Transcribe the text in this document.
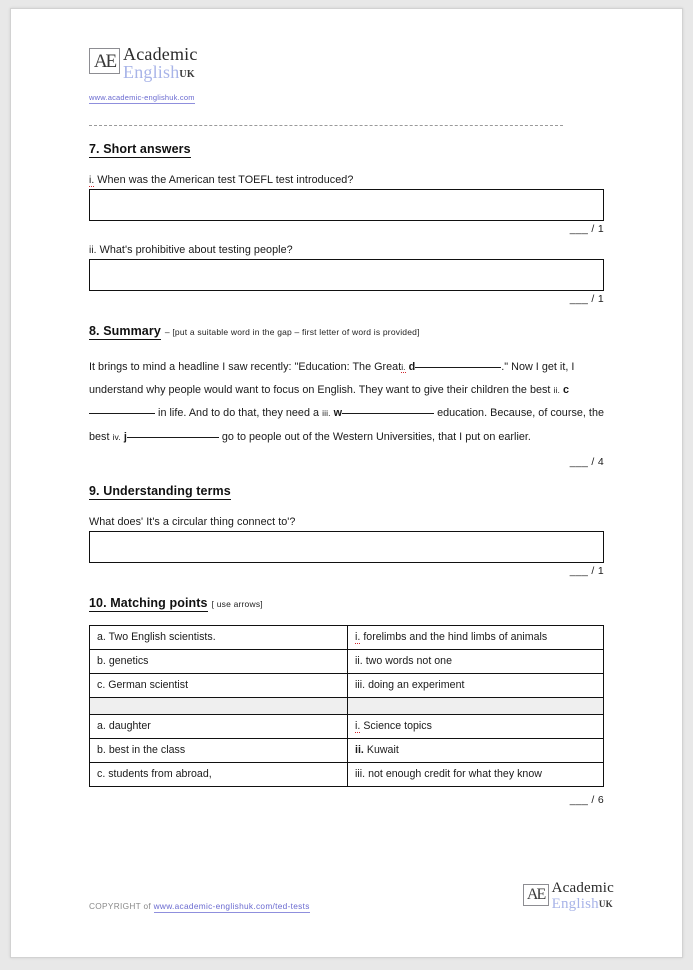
AE Academic
EnglishUK
www.academic-englishuk.com
7. Short answers
i. When was the American test TOEFL test introduced?
___ / 1
ii. What's prohibitive about testing people?
___ / 1
8. Summary – [put a suitable word in the gap – first letter of word is provided]
It brings to mind a headline I saw recently: "Education: The Greati. d	." Now I get it, I understand why people would want to focus on English. They want to give their children the best ii. c in life. And to do that, they need a iii. w	education. Because, of course, the best iv. j	go to people out of the Western Universities, that I put on earlier.
___ / 4
9. Understanding terms
What does' It's a circular thing connect to'?
___ / 1
10. Matching points [ use arrows]
a. Two English scientists.	i. forelimbs and the hind limbs of animals
b. genetics	ii. two words not one
c. German scientist	iii. doing an experiment

a. daughter	i. Science topics
b. best in the class	ii. Kuwait
c. students from abroad,	iii. not enough credit for what they know
___ / 6
COPYRIGHT of www.academic-englishuk.com/ted-tests
AE Academic
EnglishUK
